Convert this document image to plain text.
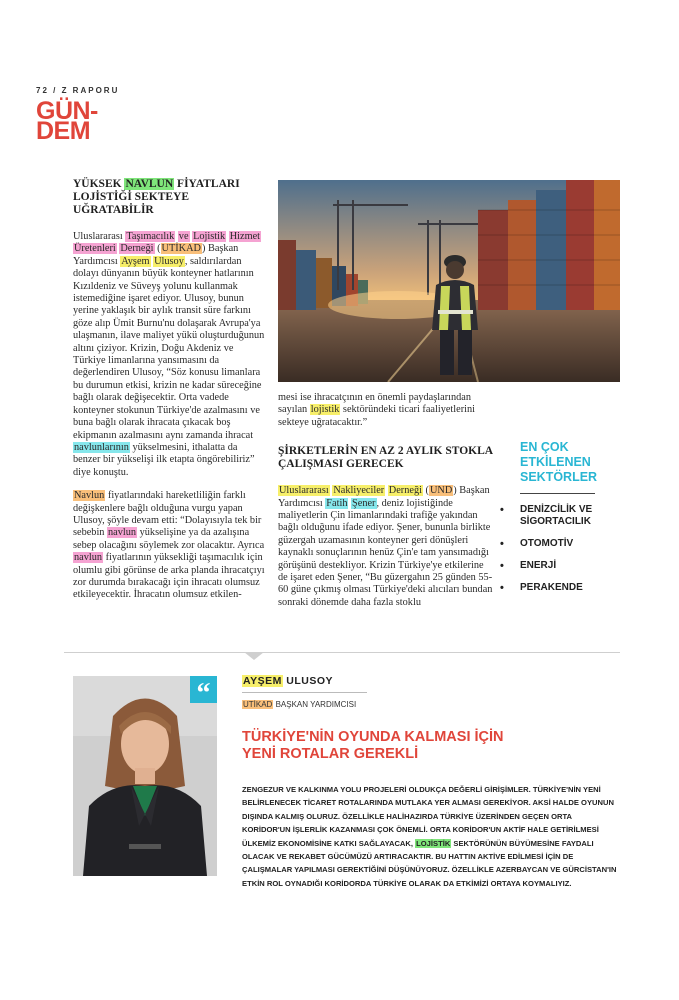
72 / Z RAPORU
GÜN-
DEM
YÜKSEK NAVLUN FİYATLARI LOJİSTİĞİ SEKTEYE UĞRATABİLİR

Uluslararası Taşımacılık ve Lojistik Hizmet Üretenleri Derneği (UTİKAD) Başkan Yardımcısı Ayşem Ulusoy, saldırılardan dolayı dünyanın büyük konteyner hatlarının Kızıldeniz ve Süveyş yolunu kullanmak istemediğine işaret ediyor. Ulusoy, bunun yerine yaklaşık bir aylık transit süre farkını göze alıp Ümit Burnu'nu dolaşarak Avrupa'ya ulaşmanın, ilave maliyet yükü oluşturduğunun altını çiziyor. Krizin, Doğu Akdeniz ve Türkiye limanlarına yansımasını da değerlendiren Ulusoy, “Söz konusu limanlara bu durumun etkisi, krizin ne kadar süreceğine bağlı olarak değişecektir. Orta vadede konteyner stokunun Türkiye'de azalmasını ve buna bağlı olarak ihracata çıkacak boş ekipmanın azalmasını aynı zamanda ihracat navlunlarının yükselmesini, ithalatta da benzer bir yükselişi ilk etapta öngörebiliriz” diye konuştu.

Navlun fiyatlarındaki hareketliliğin farklı değişkenlere bağlı olduğuna vurgu yapan Ulusoy, şöyle devam etti: “Dolayısıyla tek bir sebebin navlun yükselişine ya da azalışına sebep olacağını söylemek zor olacaktır. Ayrıca navlun fiyatlarının yüksekliği taşımacılık için olumlu gibi görünse de arka planda ihracatçıyı zor durumda bırakacağı için ihracatı olumsuz etkileyecektir. İhracatın olumsuz etkilen-

mesi ise ihracatçının en önemli paydaşlarından sayılan lojistik sektöründeki ticari faaliyetlerini sekteye uğratacaktır.”

ŞİRKETLERİN EN AZ 2 AYLIK STOKLA ÇALIŞMASI GERECEK

Uluslararası Nakliyeciler Derneği (UND) Başkan Yardımcısı Fatih Şener, deniz lojistiğinde maliyetlerin Çin limanlarındaki trafiğe yakından bağlı olduğunu ifade ediyor. Şener, bununla birlikte güzergah uzamasının konteyner geri dönüşleri kaynaklı sonuçlarının henüz Çin'e tam yansımadığı görüşünü destekliyor. Krizin Türkiye'ye etkilerine de işaret eden Şener, “Bu güzergahın 25 günden 55-60 güne çıkmış olması Türkiye'deki alıcıları bundan sonraki dönemde daha fazla stoklu

EN ÇOK
ETKİLENEN
SEKTÖRLER
• DENİZCİLİK VE SİGORTACILIK
• OTOMOTİV
• ENERJİ
• PERAKENDE
“	AYŞEM ULUSOY
UTİKAD BAŞKAN YARDIMCISI
TÜRKİYE'NİN OYUNDA KALMASI İÇİN
YENİ ROTALAR GEREKLİ
ZENGEZUR VE KALKINMA YOLU PROJELERİ OLDUKÇA DEĞERLİ GİRİŞİMLER. TÜRKİYE'NİN YENİ BELİRLENECEK TİCARET ROTALARINDA MUTLAKA YER ALMASI GEREKİYOR. AKSİ HALDE OYUNUN DIŞINDA KALMIŞ OLURUZ. ÖZELLİKLE HALİHAZIRDA TÜRKİYE ÜZERİNDEN GEÇEN ORTA KORİDOR'UN İŞLERLİK KAZANMASI ÇOK ÖNEMLİ. ORTA KORİDOR'UN AKTİF HALE GETİRİLMESİ ÜLKEMİZ EKONOMİSİNE KATKI SAĞLAYACAK, LOJİSTİK SEKTÖRÜNÜN BÜYÜMESİNE FAYDALI OLACAK VE REKABET GÜCÜMÜZÜ ARTIRACAKTIR. BU HATTIN AKTİVE EDİLMESİ İÇİN DE ÇALIŞMALAR YAPILMASI GEREKTİĞİNİ DÜŞÜNÜYORUZ. ÖZELLİKLE AZERBAYCAN VE GÜRCİSTAN'IN ETKİN ROL OYNADIĞI KORİDORDA TÜRKİYE OLARAK DA ETKİMİZİ ORTAYA KOYMALIYIZ.
